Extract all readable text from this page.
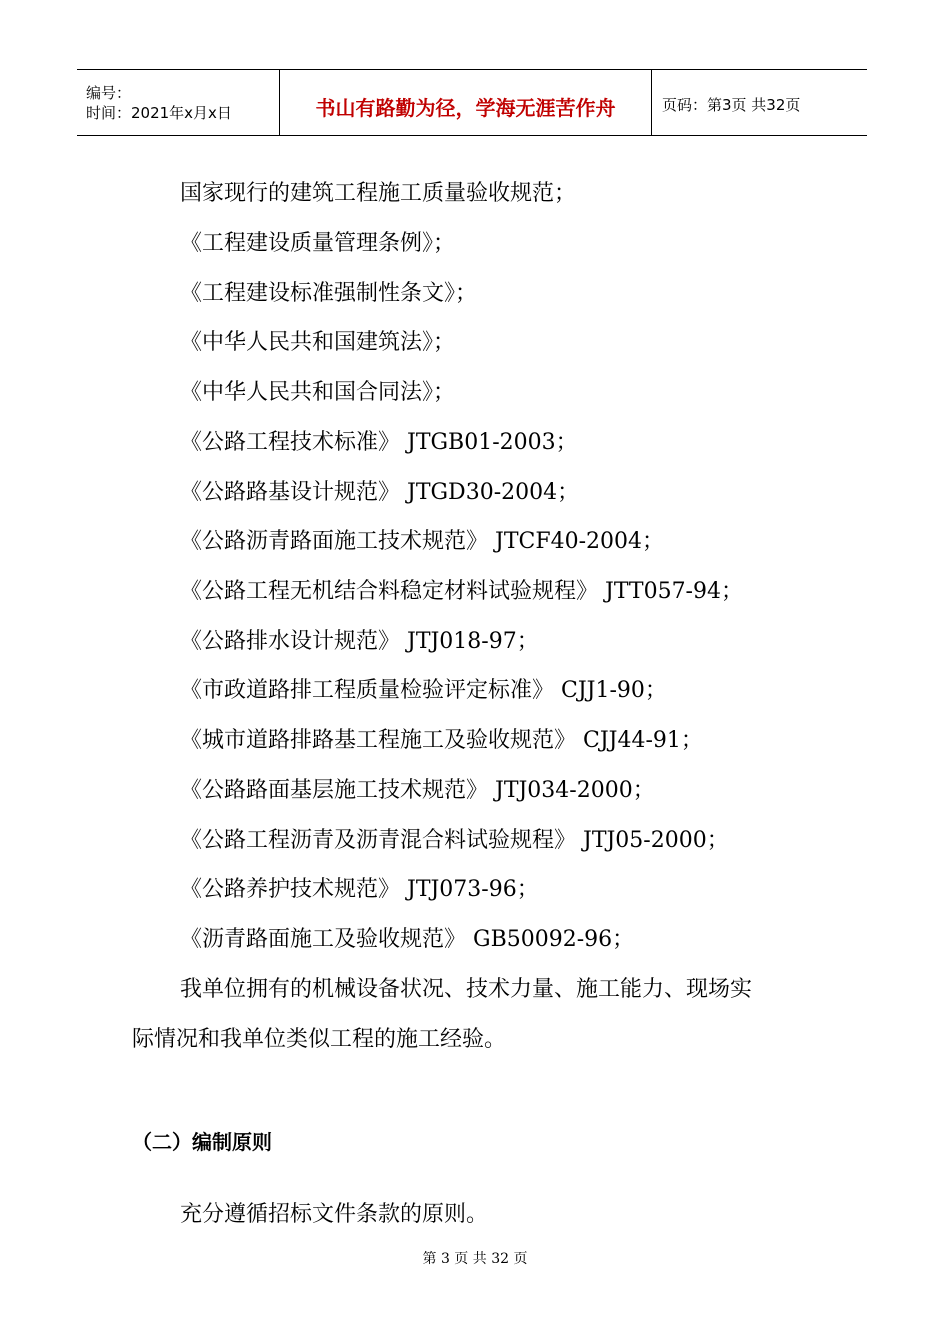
编号：
时间：2021年x月x日	书山有路勤为径，学海无涯苦作舟	页码：第3页 共32页
国家现行的建筑工程施工质量验收规范；
《工程建设质量管理条例》；
《工程建设标准强制性条文》；
《中华人民共和国建筑法》；
《中华人民共和国合同法》；
《公路工程技术标准》 JTGB01-2003；
《公路路基设计规范》 JTGD30-2004；
《公路沥青路面施工技术规范》 JTCF40-2004；
《公路工程无机结合料稳定材料试验规程》 JTT057-94；
《公路排水设计规范》 JTJ018-97；
《市政道路排工程质量检验评定标准》 CJJ1-90；
《城市道路排路基工程施工及验收规范》 CJJ44-91；
《公路路面基层施工技术规范》 JTJ034-2000；
《公路工程沥青及沥青混合料试验规程》 JTJ05-2000；
《公路养护技术规范》 JTJ073-96；
《沥青路面施工及验收规范》 GB50092-96；
我单位拥有的机械设备状况、技术力量、施工能力、现场实
际情况和我单位类似工程的施工经验。
（二）编制原则
充分遵循招标文件条款的原则。
第 3 页 共 32 页
